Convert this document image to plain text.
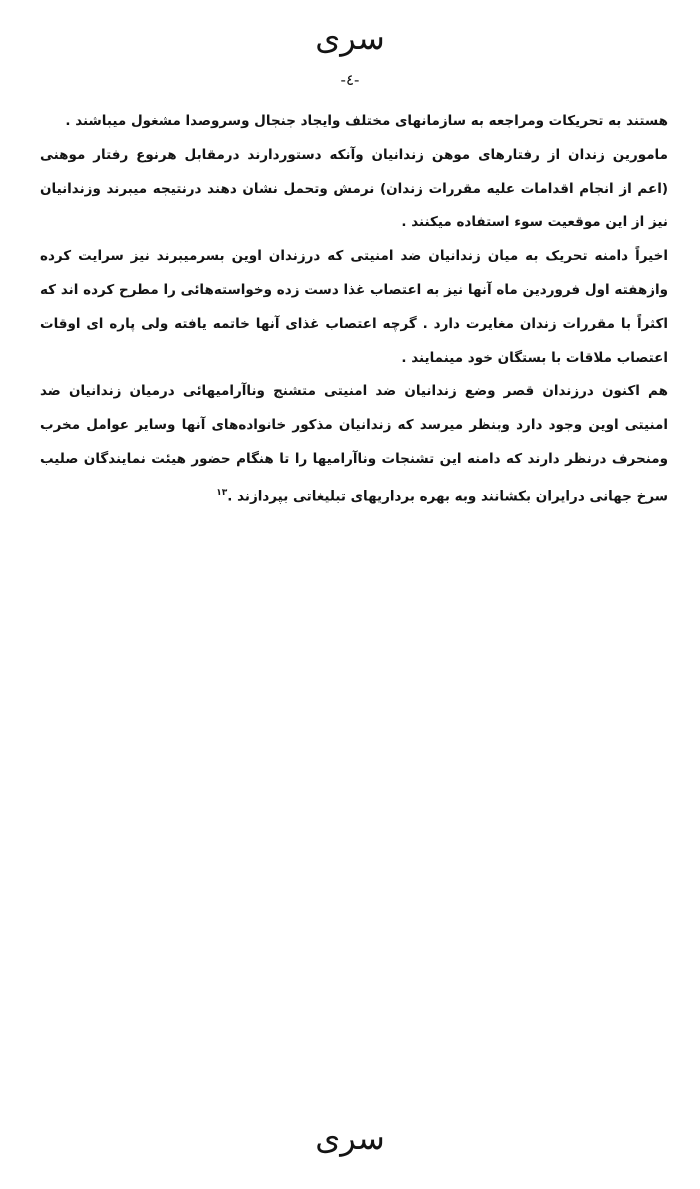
سری
-٤-

هستند به تحریکات ومراجعه به سازمانهای مختلف وایجاد جنجال وسروصدا مشغول میباشند .

مامورین زندان از رفتارهای موهن زندانیان وآنکه دستوردارند درمقابل هرنوع رفتار موهنی (اعم از انجام اقدامات علیه مقررات زندان) نرمش وتحمل نشان دهند درنتیجه میبرند وزندانیان نیز از این موقعیت سوء استفاده میکنند .

اخیراً دامنه تحریک به میان زندانیان ضد امنیتی که درزندان اوین بسرمیبرند نیز سرایت کرده وازهفته اول فروردین ماه آنها نیز به اعتصاب غذا دست زده وخواسته‌هائی را مطرح کرده اند که اکثراً با مقررات زندان مغایرت دارد . گرچه اعتصاب غذای آنها خاتمه یافته ولی پاره ای اوقات اعتصاب ملاقات با بستگان خود مینمایند .

هم اکنون درزندان قصر وضع زندانیان ضد امنیتی متشنج وناآرامیهائی درمیان زندانیان ضد امنیتی اوین وجود دارد وبنظر میرسد که زندانیان مذکور خانواده‌های آنها وسایر عوامل مخرب ومنحرف درنظر دارند که دامنه این تشنجات وناآرامیها را تا هنگام حضور هیئت نمایندگان صلیب سرخ جهانی درایران بکشانند وبه بهره برداریهای تبلیغاتی بپردازند .$^{١٣}$

سری
